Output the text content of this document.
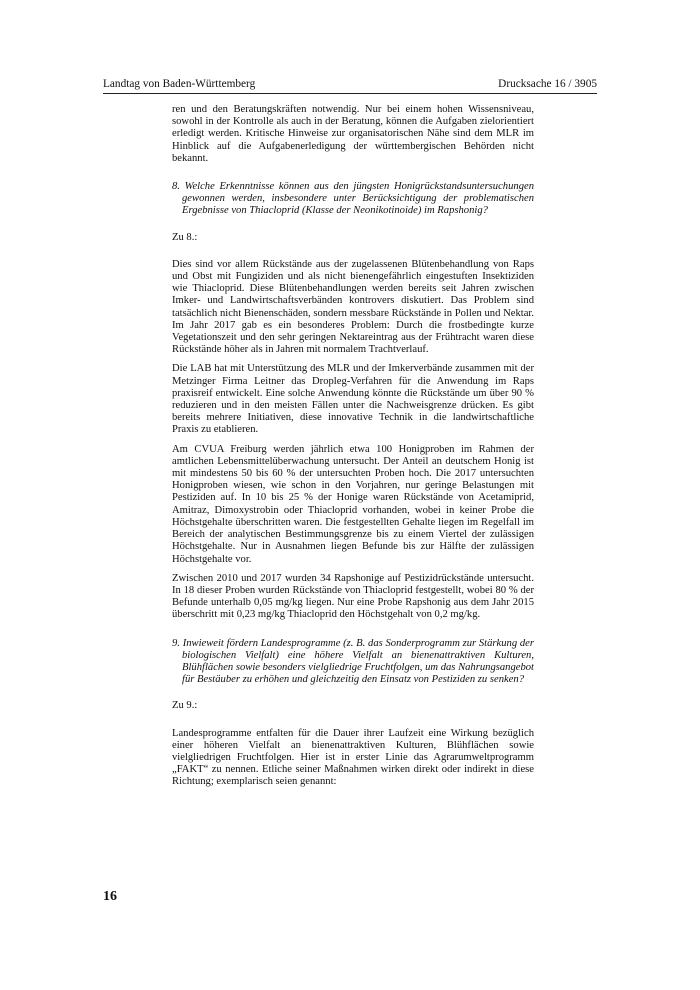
Landtag von Baden-Württemberg	Drucksache 16 / 3905

ren und den Beratungskräften notwendig. Nur bei einem hohen Wissensniveau, sowohl in der Kontrolle als auch in der Beratung, können die Aufgaben zielorientiert erledigt werden. Kritische Hinweise zur organisatorischen Nähe sind dem MLR im Hinblick auf die Aufgabenerledigung der württembergischen Behörden nicht bekannt.

8. Welche Erkenntnisse können aus den jüngsten Honigrückstandsuntersuchungen gewonnen werden, insbesondere unter Berücksichtigung der problematischen Ergebnisse von Thiacloprid (Klasse der Neonikotinoide) im Rapshonig?

Zu 8.:

Dies sind vor allem Rückstände aus der zugelassenen Blütenbehandlung von Raps und Obst mit Fungiziden und als nicht bienengefährlich eingestuften Insektiziden wie Thiacloprid. Diese Blütenbehandlungen werden bereits seit Jahren zwischen Imker- und Landwirtschaftsverbänden kontrovers diskutiert. Das Problem sind tatsächlich nicht Bienenschäden, sondern messbare Rückstände in Pollen und Nektar. Im Jahr 2017 gab es ein besonderes Problem: Durch die frostbedingte kurze Vegetationszeit und den sehr geringen Nektareintrag aus der Frühtracht waren diese Rückstände höher als in Jahren mit normalem Trachtverlauf.

Die LAB hat mit Unterstützung des MLR und der Imkerverbände zusammen mit der Metzinger Firma Leitner das Dropleg-Verfahren für die Anwendung im Raps praxisreif entwickelt. Eine solche Anwendung könnte die Rückstände um über 90 % reduzieren und in den meisten Fällen unter die Nachweisgrenze drücken. Es gibt bereits mehrere Initiativen, diese innovative Technik in die landwirtschaftliche Praxis zu etablieren.

Am CVUA Freiburg werden jährlich etwa 100 Honigproben im Rahmen der amtlichen Lebensmittelüberwachung untersucht. Der Anteil an deutschem Honig ist mit mindestens 50 bis 60 % der untersuchten Proben hoch. Die 2017 untersuchten Honigproben wiesen, wie schon in den Vorjahren, nur geringe Belastungen mit Pestiziden auf. In 10 bis 25 % der Honige waren Rückstände von Acetamiprid, Amitraz, Dimoxystrobin oder Thiacloprid vorhanden, wobei in keiner Probe die Höchstgehalte überschritten waren. Die festgestellten Gehalte liegen im Regelfall im Bereich der analytischen Bestimmungsgrenze bis zu einem Viertel der zulässigen Höchstgehalte. Nur in Ausnahmen liegen Befunde bis zur Hälfte der zulässigen Höchstgehalte vor.

Zwischen 2010 und 2017 wurden 34 Rapshonige auf Pestizidrückstände untersucht. In 18 dieser Proben wurden Rückstände von Thiacloprid festgestellt, wobei 80 % der Befunde unterhalb 0,05 mg/kg liegen. Nur eine Probe Rapshonig aus dem Jahr 2015 überschritt mit 0,23 mg/kg Thiacloprid den Höchstgehalt von 0,2 mg/kg.

9. Inwieweit fördern Landesprogramme (z. B. das Sonderprogramm zur Stärkung der biologischen Vielfalt) eine höhere Vielfalt an bienenattraktiven Kulturen, Blühflächen sowie besonders vielgliedrige Fruchtfolgen, um das Nahrungsangebot für Bestäuber zu erhöhen und gleichzeitig den Einsatz von Pestiziden zu senken?

Zu 9.:

Landesprogramme entfalten für die Dauer ihrer Laufzeit eine Wirkung bezüglich einer höheren Vielfalt an bienenattraktiven Kulturen, Blühflächen sowie vielgliedrigen Fruchtfolgen. Hier ist in erster Linie das Agrarumweltprogramm „FAKT“ zu nennen. Etliche seiner Maßnahmen wirken direkt oder indirekt in diese Richtung; exemplarisch seien genannt:

16
